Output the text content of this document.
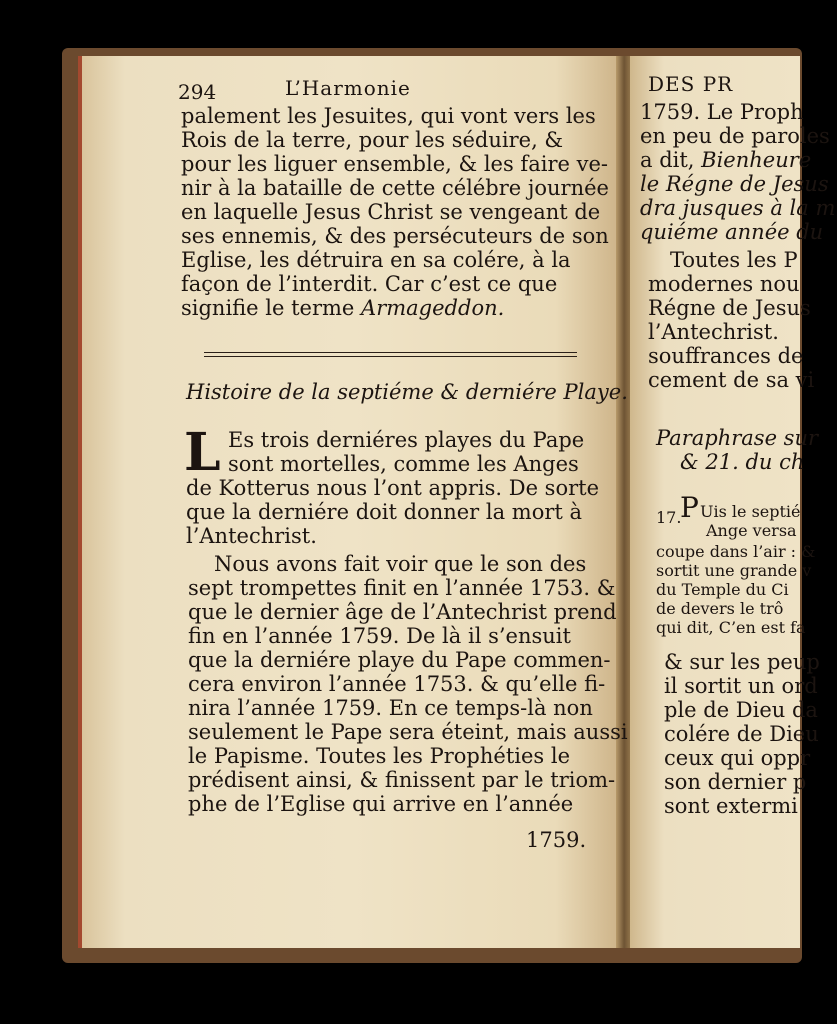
DES PR
1759. Le Proph
en peu de paroles
a dit, Bienheure
le Régne de Jesus
dra jusques à la m
quiéme année du
Toutes les P
modernes nou
Régne de Jesus
l’Antechrist.
souffrances de
cement de sa vi
Paraphrase sur
& 21. du ch
17.
P Uis le septié
Ange versa
coupe dans l’air : &
sortit une grande v
du Temple du Ci
de devers le trô
qui dit, C’en est fa
& sur les peup
il sortit un ord
ple de Dieu da
colére de Dieu
ceux qui oppr
son dernier p
sont extermi
294	L’Harmonie
palement les Jesuites, qui vont vers les
Rois de la terre, pour les séduire, &
pour les liguer ensemble, & les faire ve-
nir à la bataille de cette célébre journée
en laquelle Jesus Christ se vengeant de
ses ennemis, & des persécuteurs de son
Eglise, les détruira en sa colére, à la
façon de l’interdit. Car c’est ce que
signifie le terme Armageddon.
Histoire de la septiéme & derniére Playe.
L Es trois derniéres playes du Pape
sont mortelles, comme les Anges
de Kotterus nous l’ont appris. De sorte
que la derniére doit donner la mort à
l’Antechrist.
Nous avons fait voir que le son des
sept trompettes finit en l’année 1753. &
que le dernier âge de l’Antechrist prend
fin en l’année 1759. De là il s’ensuit
que la derniére playe du Pape commen-
cera environ l’année 1753. & qu’elle fi-
nira l’année 1759. En ce temps-là non
seulement le Pape sera éteint, mais aussi
le Papisme. Toutes les Prophéties le
prédisent ainsi, & finissent par le triom-
phe de l’Eglise qui arrive en l’année
1759.
